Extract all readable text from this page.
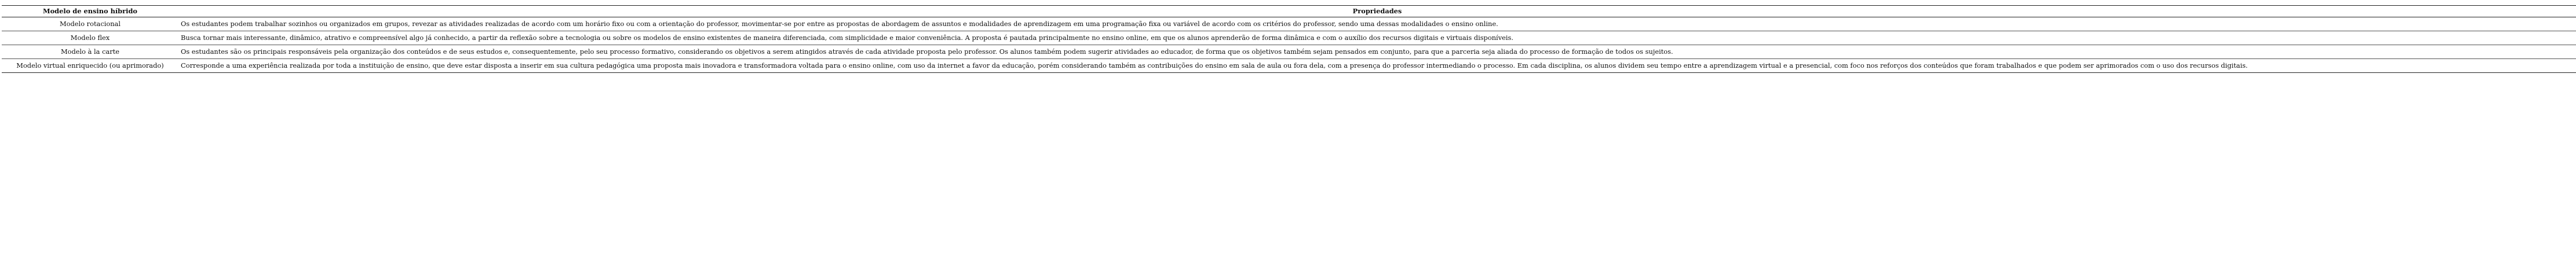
Modelo de ensino híbrido	Propriedades
Modelo rotacional	Os estudantes podem trabalhar sozinhos ou organizados em grupos, revezar as atividades realizadas de acordo com um horário fixo ou com a orientação do professor, movimentar-se por entre as propostas de abordagem de assuntos e modalidades de aprendizagem em uma programação fixa ou variável de acordo com os critérios do professor, sendo uma dessas modalidades o ensino online.
Modelo flex	Busca tornar mais interessante, dinâmico, atrativo e compreensível algo já conhecido, a partir da reflexão sobre a tecnologia ou sobre os modelos de ensino existentes de maneira diferenciada, com simplicidade e maior conveniência. A proposta é pautada principalmente no ensino online, em que os alunos aprenderão de forma dinâmica e com o auxílio dos recursos digitais e virtuais disponíveis.
Modelo à la carte	Os estudantes são os principais responsáveis pela organização dos conteúdos e de seus estudos e, consequentemente, pelo seu processo formativo, considerando os objetivos a serem atingidos através de cada atividade proposta pelo professor. Os alunos também podem sugerir atividades ao educador, de forma que os objetivos também sejam pensados em conjunto, para que a parceria seja aliada do processo de formação de todos os sujeitos.
Modelo virtual enriquecido (ou aprimorado)	Corresponde a uma experiência realizada por toda a instituição de ensino, que deve estar disposta a inserir em sua cultura pedagógica uma proposta mais inovadora e transformadora voltada para o ensino online, com uso da internet a favor da educação, porém considerando também as contribuições do ensino em sala de aula ou fora dela, com a presença do professor intermediando o processo. Em cada disciplina, os alunos dividem seu tempo entre a aprendizagem virtual e a presencial, com foco nos reforços dos conteúdos que foram trabalhados e que podem ser aprimorados com o uso dos recursos digitais.
